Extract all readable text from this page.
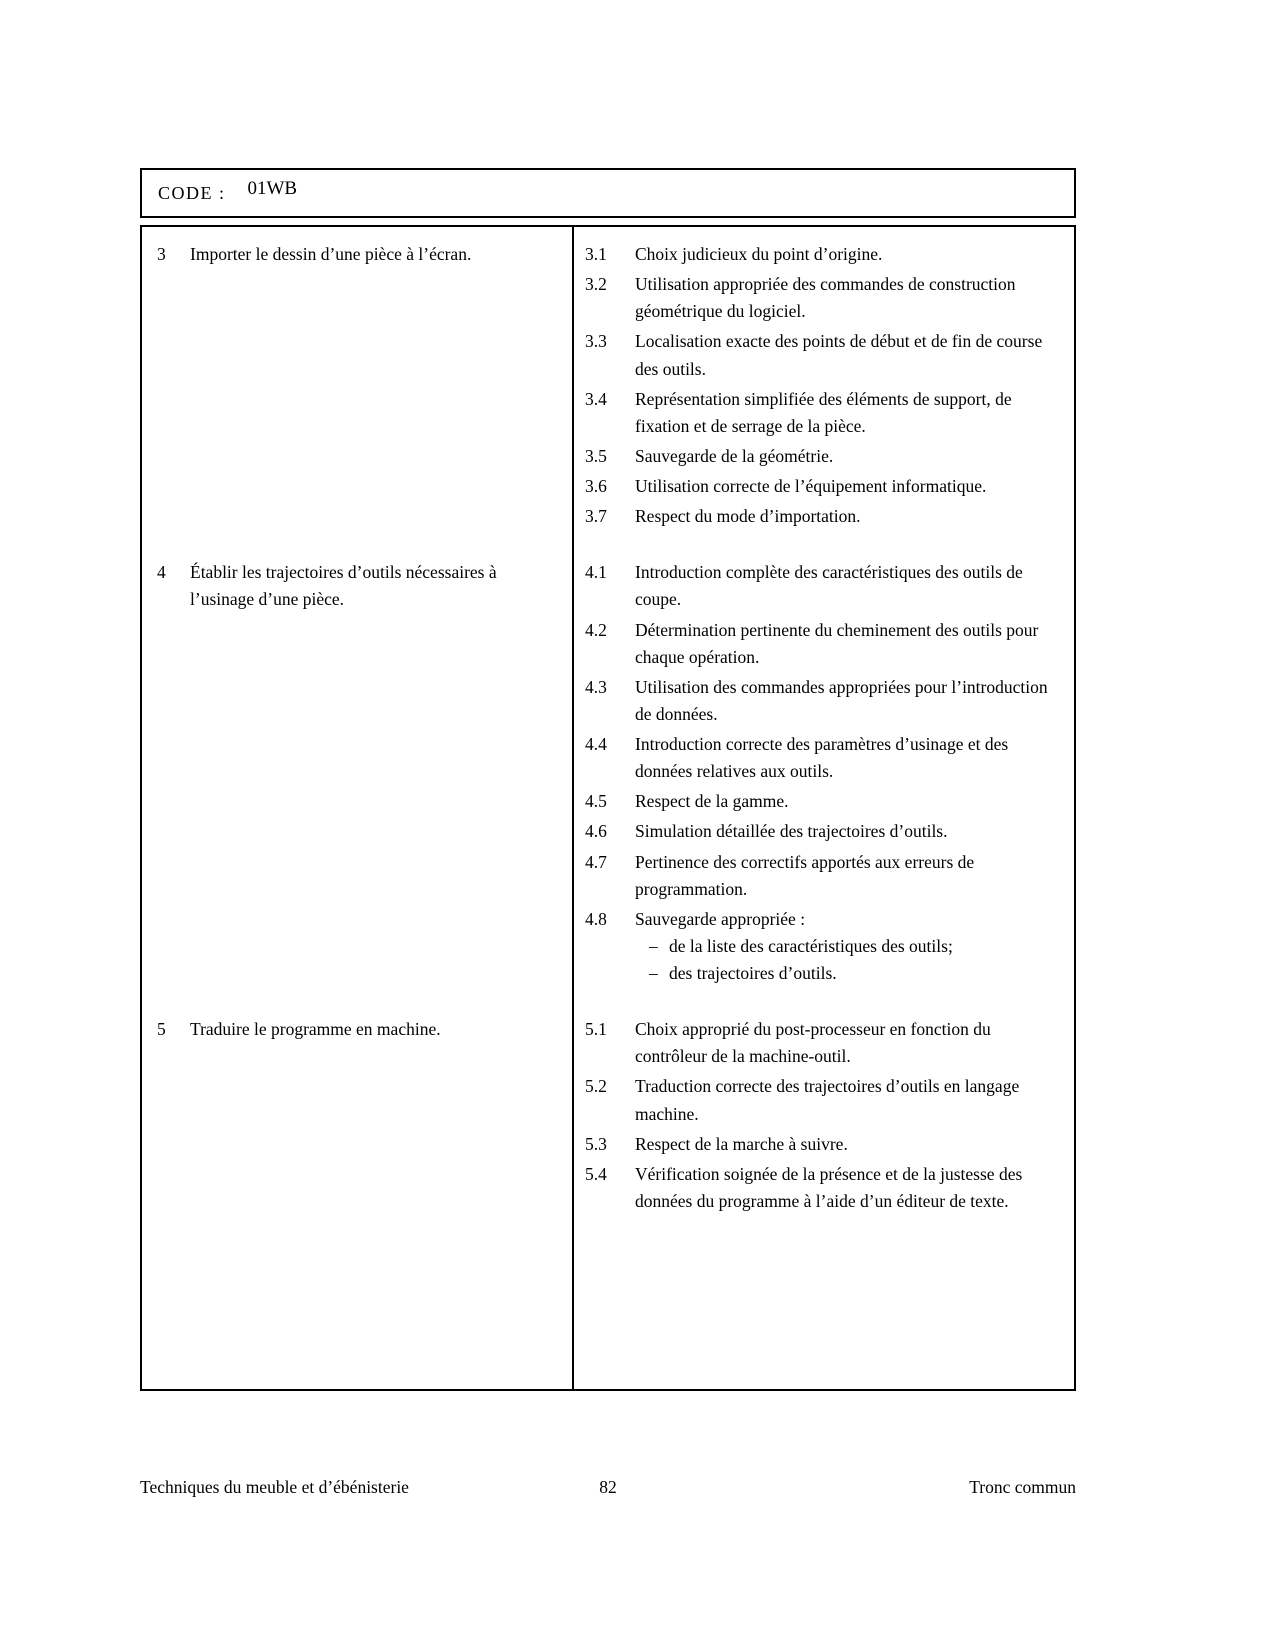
CODE : 01WB
3	Importer le dessin d’une pièce à l’écran.	3.1	Choix judicieux du point d’origine.
3.2	Utilisation appropriée des commandes de construction géométrique du logiciel.
3.3	Localisation exacte des points de début et de fin de course des outils.
3.4	Représentation simplifiée des éléments de support, de fixation et de serrage de la pièce.
3.5	Sauvegarde de la géométrie.
3.6	Utilisation correcte de l’équipement informatique.
3.7	Respect du mode d’importation.
4	Établir les trajectoires d’outils nécessaires à l’usinage d’une pièce.
4.1	Introduction complète des caractéristiques des outils de coupe.
4.2	Détermination pertinente du cheminement des outils pour chaque opération.
4.3	Utilisation des commandes appropriées pour l’introduction de données.
4.4	Introduction correcte des paramètres d’usinage et des données relatives aux outils.
4.5	Respect de la gamme.
4.6	Simulation détaillée des trajectoires d’outils.
4.7	Pertinence des correctifs apportés aux erreurs de programmation.
4.8	Sauvegarde appropriée :
– de la liste des caractéristiques des outils;
– des trajectoires d’outils.
5	Traduire le programme en machine.	5.1	Choix approprié du post-processeur en fonction du contrôleur de la machine-outil.
5.2	Traduction correcte des trajectoires d’outils en langage machine.
5.3	Respect de la marche à suivre.
5.4	Vérification soignée de la présence et de la justesse des données du programme à l’aide d’un éditeur de texte.
82
Techniques du meuble et d’ébénisterie	Tronc commun
